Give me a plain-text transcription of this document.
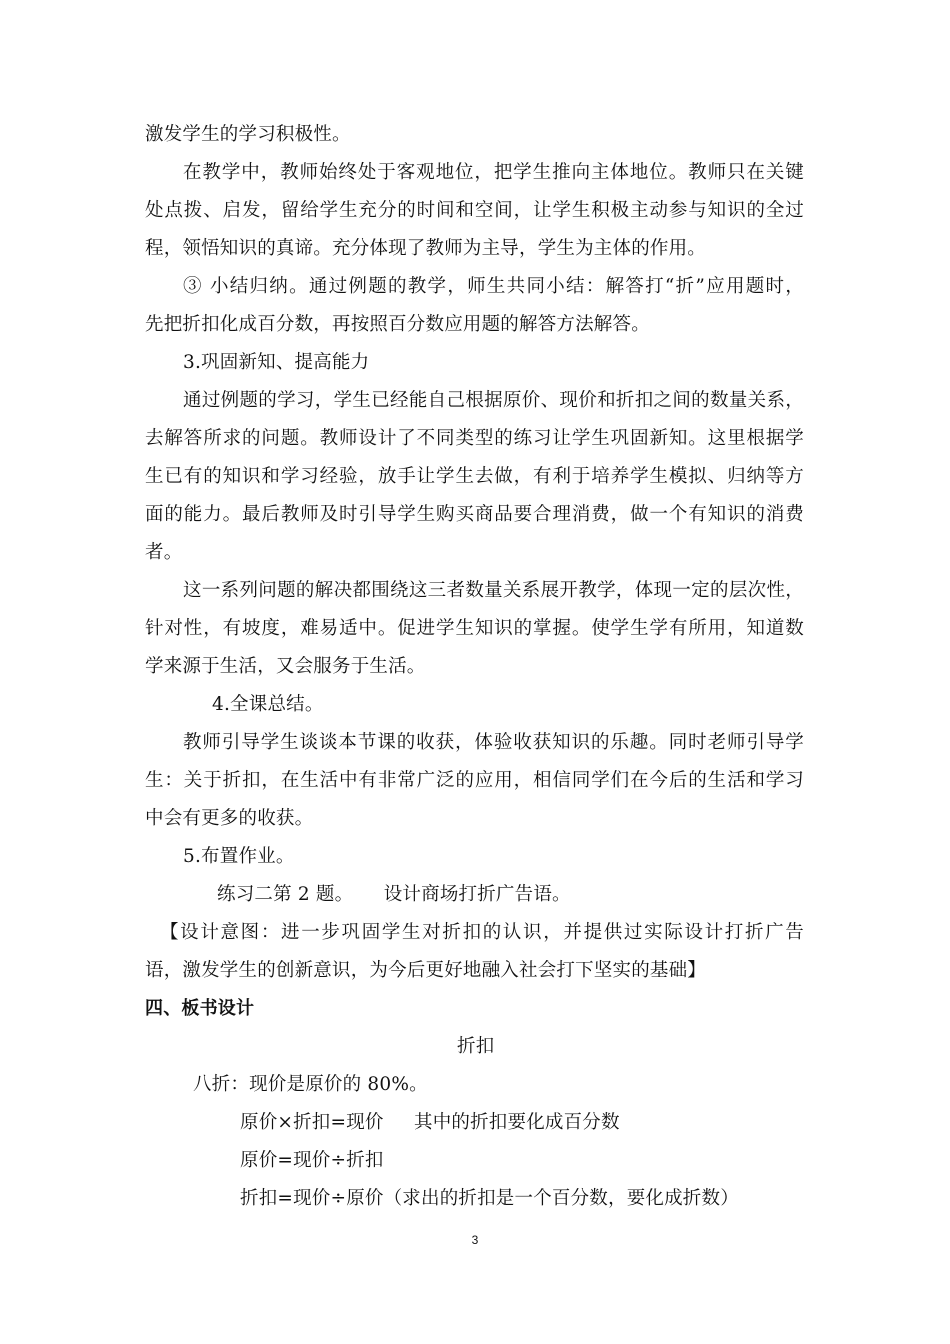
激发学生的学习积极性。
在教学中，教师始终处于客观地位，把学生推向主体地位。教师只在关键
处点拨、启发，留给学生充分的时间和空间，让学生积极主动参与知识的全过
程，领悟知识的真谛。充分体现了教师为主导，学生为主体的作用。
③ 小结归纳。通过例题的教学，师生共同小结：解答打“折”应用题时，
先把折扣化成百分数，再按照百分数应用题的解答方法解答。
3.巩固新知、提高能力
通过例题的学习，学生已经能自己根据原价、现价和折扣之间的数量关系，
去解答所求的问题。教师设计了不同类型的练习让学生巩固新知。这里根据学
生已有的知识和学习经验，放手让学生去做，有利于培养学生模拟、归纳等方
面的能力。最后教师及时引导学生购买商品要合理消费，做一个有知识的消费
者。
这一系列问题的解决都围绕这三者数量关系展开教学，体现一定的层次性，
针对性，有坡度，难易适中。促进学生知识的掌握。使学生学有所用，知道数
学来源于生活，又会服务于生活。
4.全课总结。
教师引导学生谈谈本节课的收获，体验收获知识的乐趣。同时老师引导学
生：关于折扣，在生活中有非常广泛的应用，相信同学们在今后的生活和学习
中会有更多的收获。
5.布置作业。
练习二第 2 题。     设计商场打折广告语。
【设计意图：进一步巩固学生对折扣的认识，并提供过实际设计打折广告
语，激发学生的创新意识，为今后更好地融入社会打下坚实的基础】
四、板书设计
折扣
八折：现价是原价的 80%。
原价×折扣=现价     其中的折扣要化成百分数
原价=现价÷折扣
折扣=现价÷原价（求出的折扣是一个百分数，要化成折数）
3
